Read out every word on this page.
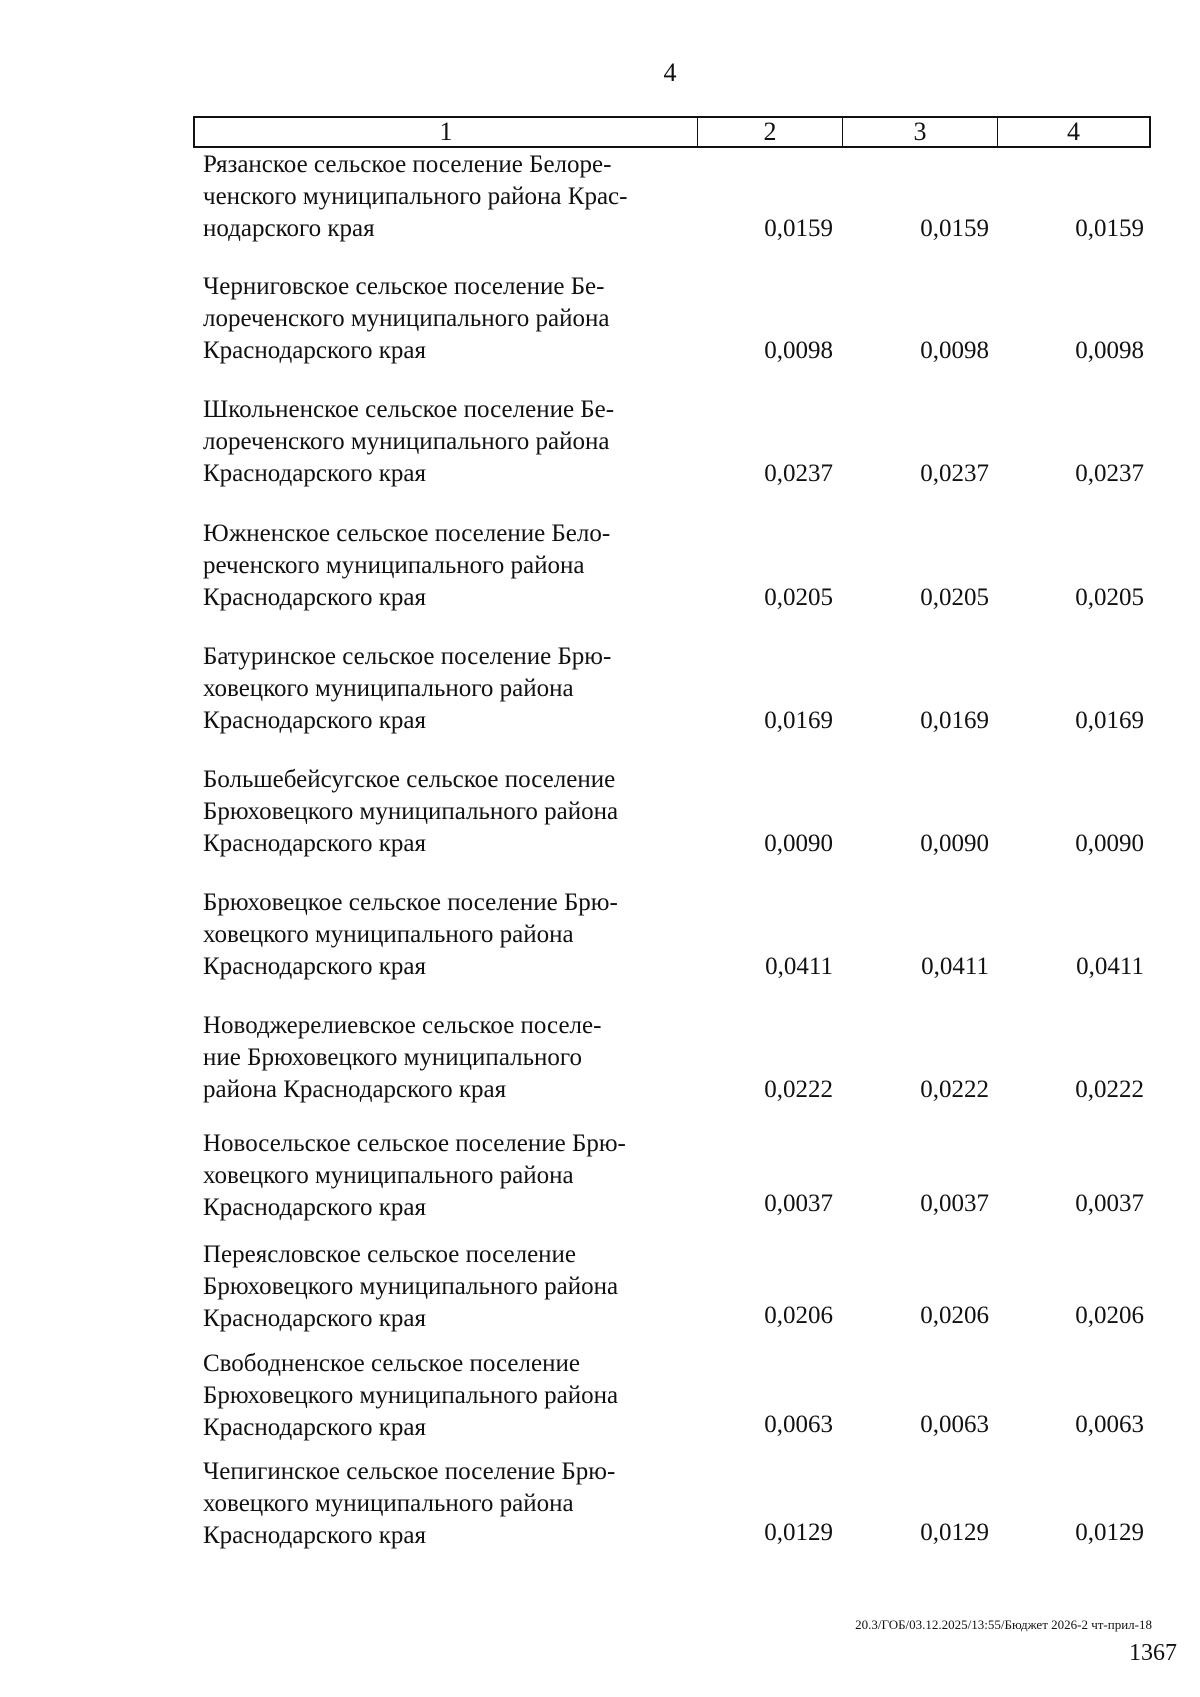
4
1	2	3	4
Рязанское сельское поселение Белоре-
ченского муниципального района Крас-
нодарского края	0,0159	0,0159	0,0159
Черниговское сельское поселение Бе-
лореченского муниципального района
Краснодарского края	0,0098	0,0098	0,0098
Школьненское сельское поселение Бе-
лореченского муниципального района
Краснодарского края	0,0237	0,0237	0,0237
Южненское сельское поселение Бело-
реченского муниципального района
Краснодарского края	0,0205	0,0205	0,0205
Батуринское сельское поселение Брю-
ховецкого муниципального района
Краснодарского края	0,0169	0,0169	0,0169
Большебейсугское сельское поселение
Брюховецкого муниципального района
Краснодарского края	0,0090	0,0090	0,0090
Брюховецкое сельское поселение Брю-
ховецкого муниципального района
Краснодарского края	0,0411	0,0411	0,0411
Новоджерелиевское сельское поселе-
ние Брюховецкого муниципального
района Краснодарского края	0,0222	0,0222	0,0222
Новосельское сельское поселение Брю-
ховецкого муниципального района
Краснодарского края	0,0037	0,0037	0,0037
Переясловское сельское поселение
Брюховецкого муниципального района
Краснодарского края	0,0206	0,0206	0,0206
Свободненское сельское поселение
Брюховецкого муниципального района
Краснодарского края	0,0063	0,0063	0,0063
Чепигинское сельское поселение Брю-
ховецкого муниципального района
Краснодарского края	0,0129	0,0129	0,0129
20.3/ГОБ/03.12.2025/13:55/Бюджет 2026-2 чт-прил-18
1367
